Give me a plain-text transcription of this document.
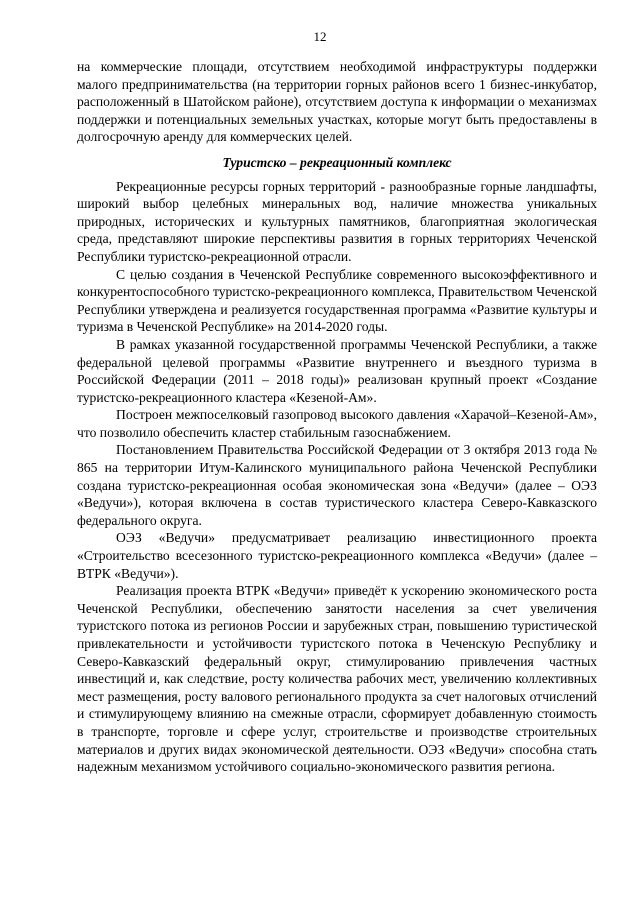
12

на коммерческие площади, отсутствием необходимой инфраструктуры поддержки малого предпринимательства (на территории горных районов всего 1 бизнес-инкубатор, расположенный в Шатойском районе), отсутствием доступа к информации о механизмах поддержки и потенциальных земельных участках, которые могут быть предоставлены в долгосрочную аренду для коммерческих целей.

Туристско – рекреационный комплекс

Рекреационные ресурсы горных территорий - разнообразные горные ландшафты, широкий выбор целебных минеральных вод, наличие множества уникальных природных, исторических и культурных памятников, благоприятная экологическая среда, представляют широкие перспективы развития в горных территориях Чеченской Республики туристско-рекреационной отрасли.

С целью создания в Чеченской Республике современного высокоэффективного и конкурентоспособного туристско-рекреационного комплекса, Правительством Чеченской Республики утверждена и реализуется государственная программа «Развитие культуры и туризма в Чеченской Республике» на 2014-2020 годы.

В рамках указанной государственной программы Чеченской Республики, а также федеральной целевой программы «Развитие внутреннего и въездного туризма в Российской Федерации (2011 – 2018 годы)» реализован крупный проект «Создание туристско-рекреационного кластера «Кезеной-Ам».

Построен межпоселковый газопровод высокого давления «Харачой–Кезеной-Ам», что позволило обеспечить кластер стабильным газоснабжением.

Постановлением Правительства Российской Федерации от 3 октября 2013 года № 865 на территории Итум-Калинского муниципального района Чеченской Республики создана туристско-рекреационная особая экономическая зона «Ведучи» (далее – ОЭЗ «Ведучи»), которая включена в состав туристического кластера Северо-Кавказского федерального округа.

ОЭЗ «Ведучи» предусматривает реализацию инвестиционного проекта «Строительство всесезонного туристско-рекреационного комплекса «Ведучи» (далее – ВТРК «Ведучи»).

Реализация проекта ВТРК «Ведучи» приведёт к ускорению экономического роста Чеченской Республики, обеспечению занятости населения за счет увеличения туристского потока из регионов России и зарубежных стран, повышению туристической привлекательности и устойчивости туристского потока в Чеченскую Республику и Северо-Кавказский федеральный округ, стимулированию привлечения частных инвестиций и, как следствие, росту количества рабочих мест, увеличению коллективных мест размещения, росту валового регионального продукта за счет налоговых отчислений и стимулирующему влиянию на смежные отрасли, сформирует добавленную стоимость в транспорте, торговле и сфере услуг, строительстве и производстве строительных материалов и других видах экономической деятельности. ОЭЗ «Ведучи» способна стать надежным механизмом устойчивого социально-экономического развития региона.
